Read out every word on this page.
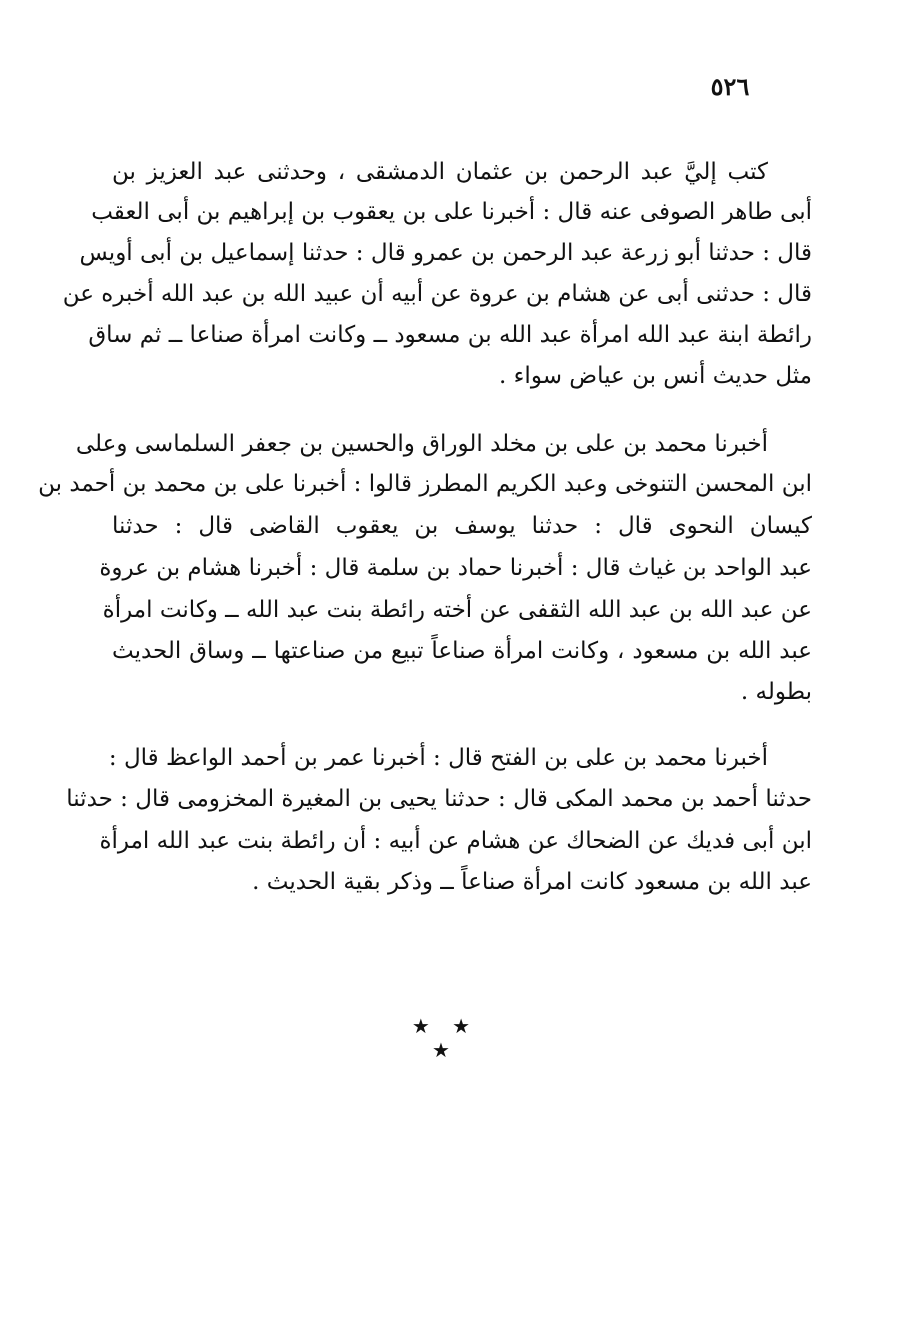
٥٢٦
كتب إليَّ عبد الرحمن بن عثمان الدمشقى ، وحدثنى عبد العزيز بن
أبى طاهر الصوفى عنه قال : أخبرنا على بن يعقوب بن إبراهيم بن أبى العقب
قال : حدثنا أبو زرعة عبد الرحمن بن عمرو قال : حدثنا إسماعيل بن أبى أويس
قال : حدثنى أبى عن هشام بن عروة عن أبيه أن عبيد الله بن عبد الله أخبره عن
رائطة ابنة عبد الله امرأة عبد الله بن مسعود ــ وكانت امرأة صناعا ــ ثم ساق
مثل حديث أنس بن عياض سواء .
أخبرنا محمد بن على بن مخلد الوراق والحسين بن جعفر السلماسى وعلى
ابن المحسن التنوخى وعبد الكريم المطرز قالوا : أخبرنا على بن محمد بن أحمد بن
كيسان النحوى قال : حدثنا يوسف بن يعقوب القاضى قال : حدثنا
عبد الواحد بن غياث قال : أخبرنا حماد بن سلمة قال : أخبرنا هشام بن عروة
عن عبد الله بن عبد الله الثقفى عن أخته رائطة بنت عبد الله ــ وكانت امرأة
عبد الله بن مسعود ، وكانت امرأة صناعاً تبيع من صناعتها ــ وساق الحديث
بطوله .
أخبرنا محمد بن على بن الفتح قال : أخبرنا عمر بن أحمد الواعظ قال :
حدثنا أحمد بن محمد المكى قال : حدثنا يحيى بن المغيرة المخزومى قال : حدثنا
ابن أبى فديك عن الضحاك عن هشام عن أبيه : أن رائطة بنت عبد الله امرأة
عبد الله بن مسعود كانت امرأة صناعاً ــ وذكر بقية الحديث .
★ ★ ★
